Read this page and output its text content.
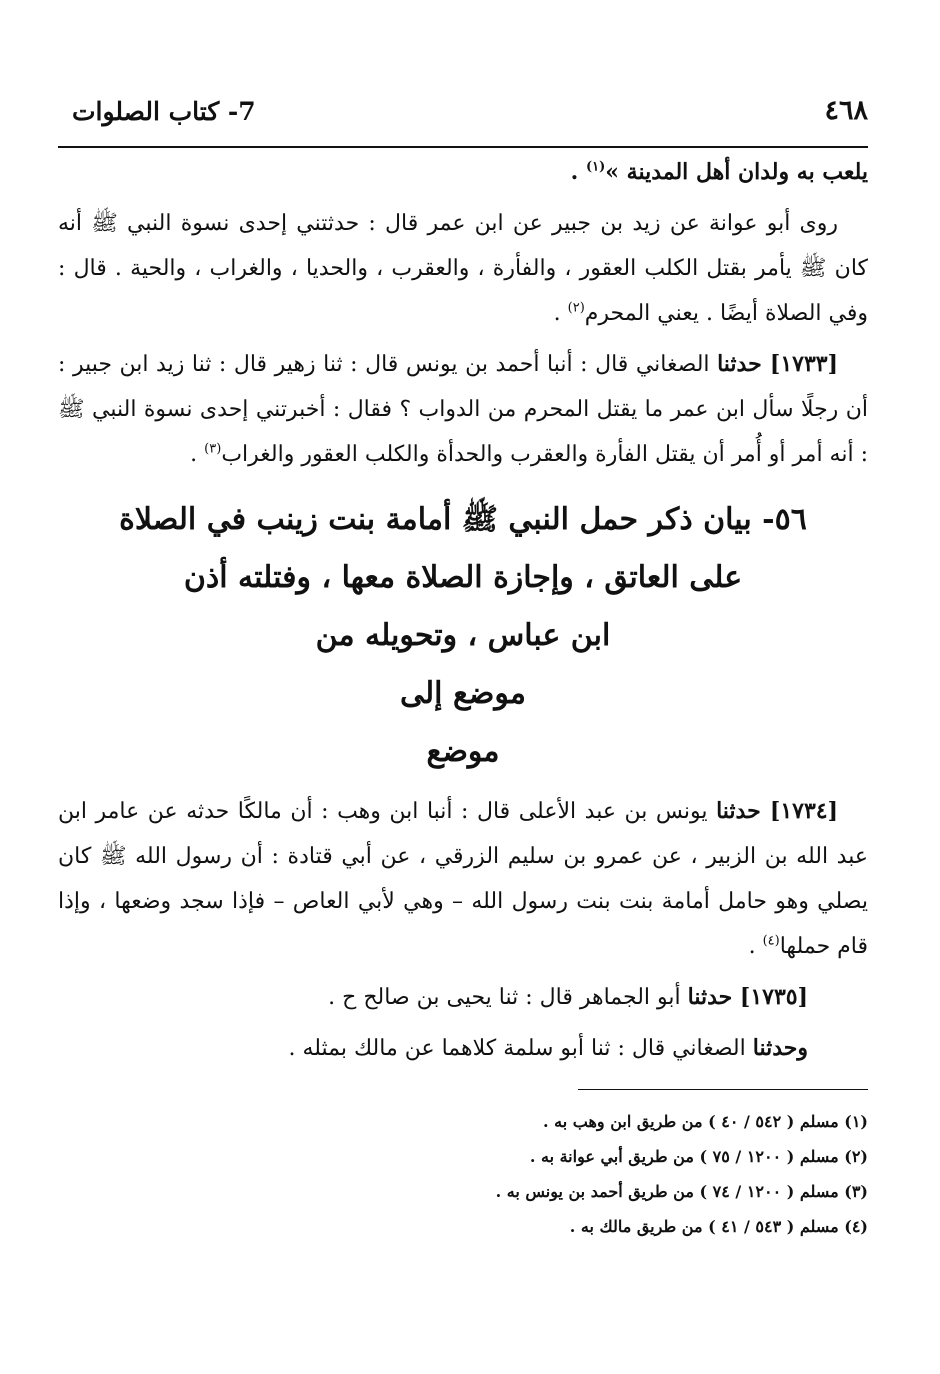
٤٦٨
7- كتاب الصلوات

يلعب به ولدان أهل المدينة »$^{(١)}$ .

روى أبو عوانة عن زيد بن جبير عن ابن عمر قال : حدثتني إحدى نسوة النبي ﷺ أنه كان ﷺ يأمر بقتل الكلب العقور ، والفأرة ، والعقرب ، والحديا ، والغراب ، والحية . قال : وفي الصلاة أيضًا . يعني المحرم$^{(٢)}$ .

[١٧٣٣] حدثنا الصغاني قال : أنبا أحمد بن يونس قال : ثنا زهير قال : ثنا زيد ابن جبير : أن رجلًا سأل ابن عمر ما يقتل المحرم من الدواب ؟ فقال : أخبرتني إحدى نسوة النبي ﷺ : أنه أمر أو أُمر أن يقتل الفأرة والعقرب والحدأة والكلب العقور والغراب$^{(٣)}$ .

٥٦- بيان ذكر حمل النبي ﷺ أمامة بنت زينب في الصلاة
على العاتق ، وإجازة الصلاة معها ، وفتلته أذن
ابن عباس ، وتحويله من
موضع إلى
موضع

[١٧٣٤] حدثنا يونس بن عبد الأعلى قال : أنبا ابن وهب : أن مالكًا حدثه عن عامر ابن عبد الله بن الزبير ، عن عمرو بن سليم الزرقي ، عن أبي قتادة : أن رسول الله ﷺ كان يصلي وهو حامل أمامة بنت بنت رسول الله – وهي لأبي العاص – فإذا سجد وضعها ، وإذا قام حملها$^{(٤)}$ .

[١٧٣٥] حدثنا أبو الجماهر قال : ثنا يحيى بن صالح ح .

وحدثنا الصغاني قال : ثنا أبو سلمة كلاهما عن مالك بمثله .

(١) مسلم ( ٥٤٢ / ٤٠ ) من طريق ابن وهب به .
(٢) مسلم ( ١٢٠٠ / ٧٥ ) من طريق أبي عوانة به .
(٣) مسلم ( ١٢٠٠ / ٧٤ ) من طريق أحمد بن يونس به .
(٤) مسلم ( ٥٤٣ / ٤١ ) من طريق مالك به .
